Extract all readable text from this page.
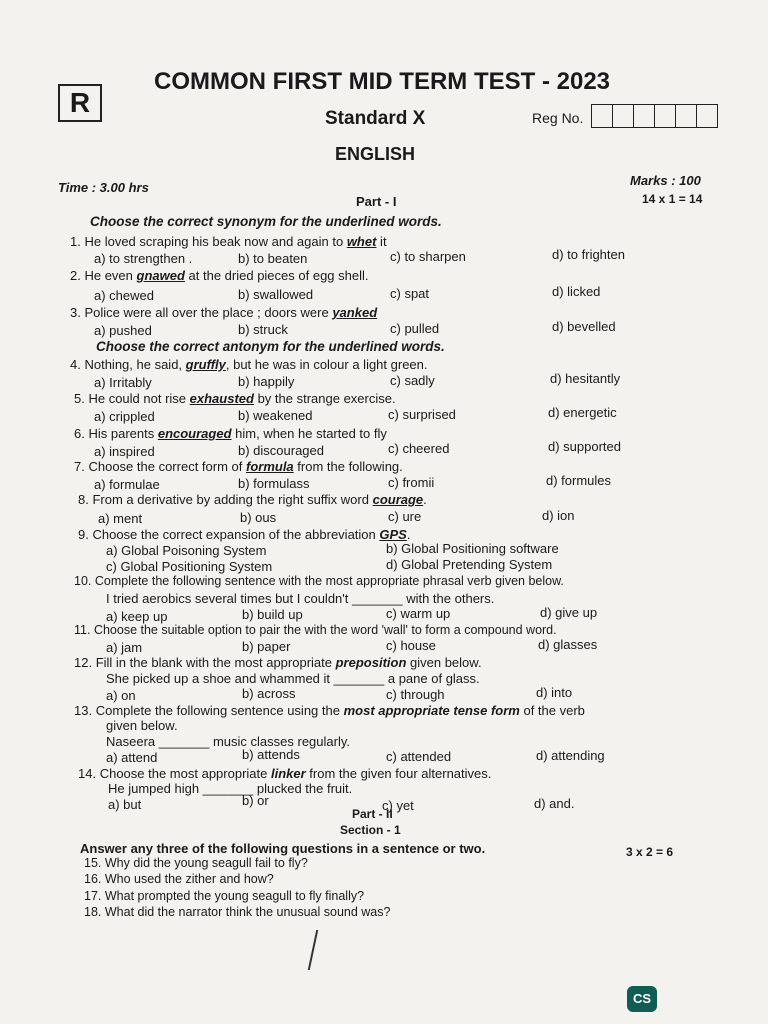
R
COMMON FIRST MID TERM TEST - 2023
Standard X	Reg No.
ENGLISH
Time : 3.00 hrs	Marks : 100
14 x 1 = 14
Part - I
Choose the correct synonym for the underlined words.
1. He loved scraping his beak now and again to whet it
a) to strengthen .	b) to beaten	c) to sharpen	d) to frighten
2. He even gnawed at the dried pieces of egg shell.
a) chewed	b) swallowed	c) spat	d) licked
3. Police were all over the place ; doors were yanked
a) pushed	b) struck	c) pulled	d) bevelled
Choose the correct antonym for the underlined words.
4. Nothing, he said, gruffly, but he was in colour a light green.
a) Irritably	b) happily	c) sadly	d) hesitantly
5. He could not rise exhausted by the strange exercise.
a) crippled	b) weakened	c) surprised	d) energetic
6. His parents encouraged him, when he started to fly
a) inspired	b) discouraged	c) cheered	d) supported
7. Choose the correct form of formula from the following.
a) formulae	b) formulass	c) fromii	d) formules
8. From a derivative by adding the right suffix word courage.
a) ment	b) ous	c) ure	d) ion
9. Choose the correct expansion of the abbreviation GPS.
a) Global Poisoning System	b) Global Positioning software
c) Global Positioning System	d) Global Pretending System
10. Complete the following sentence with the most appropriate phrasal verb given below.
I tried aerobics several times but I couldn't _______ with the others.
a) keep up	b) build up	c) warm up	d) give up
11. Choose the suitable option to pair the with the word 'wall' to form a compound word.
a) jam	b) paper	c) house	d) glasses
12. Fill in the blank with the most appropriate preposition given below.
She picked up a shoe and whammed it _______ a pane of glass.
a) on	b) across	c) through	d) into
13. Complete the following sentence using the most appropriate tense form of the verb
given below.
Naseera _______ music classes regularly.
a) attend	b) attends	c) attended	d) attending
14. Choose the most appropriate linker from the given four alternatives.
He jumped high _______ plucked the fruit.
a) but	b) or	c) yet	d) and.
Part - II
Section - 1
Answer any three of the following questions in a sentence or two.	3 x 2 = 6
15. Why did the young seagull fail to fly?
16. Who used the zither and how?
17. What prompted the young seagull to fly finally?
18. What did the narrator think the unusual sound was?
CS
